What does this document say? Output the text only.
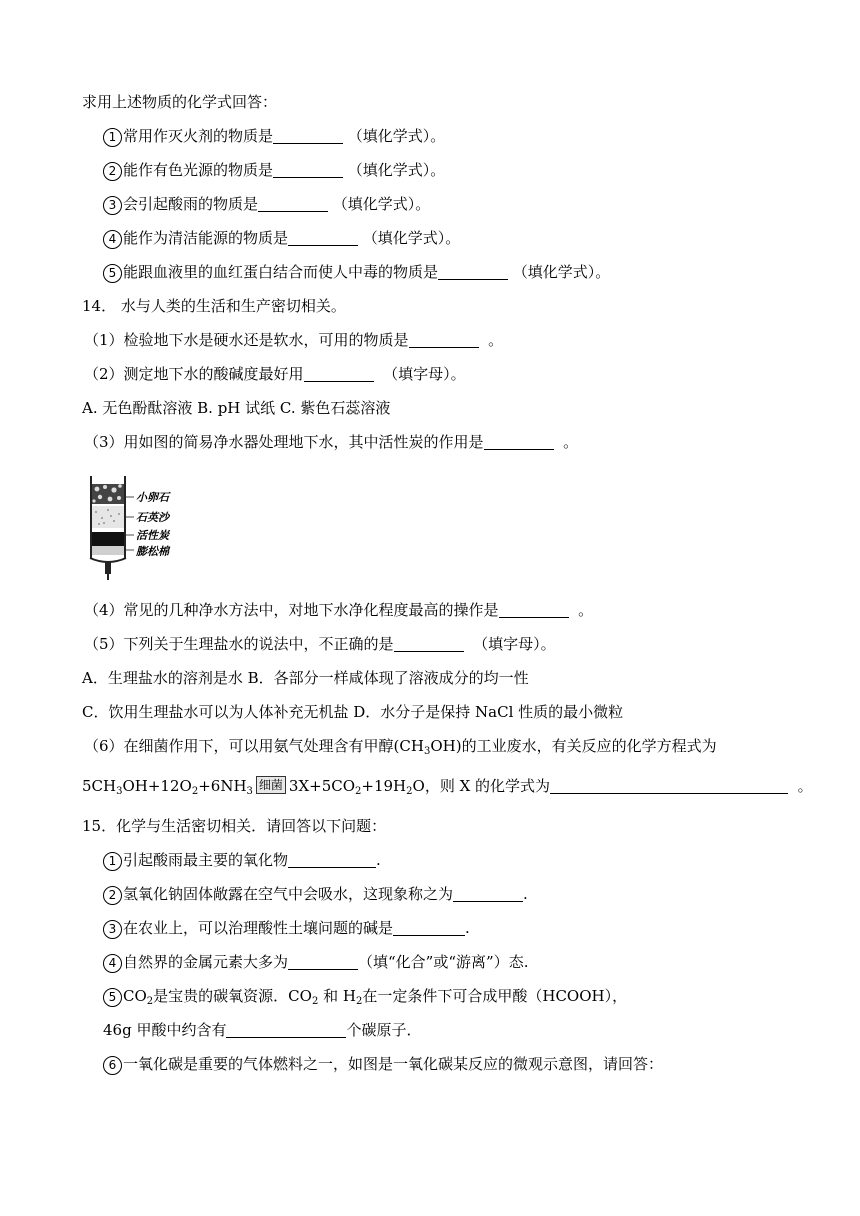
求用上述物质的化学式回答：
1 常用作灭火剂的物质是	（填化学式）。
2 能作有色光源的物质是	（填化学式）。
3 会引起酸雨的物质是	（填化学式）。
4 能作为清洁能源的物质是	（填化学式）。
5 能跟血液里的血红蛋白结合而使人中毒的物质是	（填化学式）。
14． 水与人类的生活和生产密切相关。
（1）检验地下水是硬水还是软水，可用的物质是	。
（2）测定地下水的酸碱度最好用	（填字母）。
A. 无色酚酞溶液 B. pH 试纸 C. 紫色石蕊溶液
（3）用如图的简易净水器处理地下水，其中活性炭的作用是	。
小卵石
石英沙
活性炭
膨松棉
（4）常见的几种净水方法中，对地下水净化程度最高的操作是	。
（5）下列关于生理盐水的说法中，不正确的是	（填字母）。
A．生理盐水的溶剂是水 B．各部分一样咸体现了溶液成分的均一性
C．饮用生理盐水可以为人体补充无机盐 D．水分子是保持 NaCl 性质的最小微粒
（6）在细菌作用下，可以用氨气处理含有甲醇$(CH_3OH)$的工业废水，有关反应的化学方程式为
$5CH_3OH+12O_2+6NH_3$ 细菌 $3X+5CO_2+19H_2O$，则 X 的化学式为	。
15．化学与生活密切相关．请回答以下问题：
1 引起酸雨最主要的氧化物	.
2 氢氧化钠固体敞露在空气中会吸水，这现象称之为	.
3 在农业上，可以治理酸性土壤问题的碱是	.
4 自然界的金属元素大多为	（填“化合”或“游离”）态.
5 $CO_2$是宝贵的碳氧资源．$CO_2$ 和 $H_2$在一定条件下可合成甲酸（HCOOH），
46g 甲酸中约含有	个碳原子．
6 一氧化碳是重要的气体燃料之一，如图是一氧化碳某反应的微观示意图，请回答：
